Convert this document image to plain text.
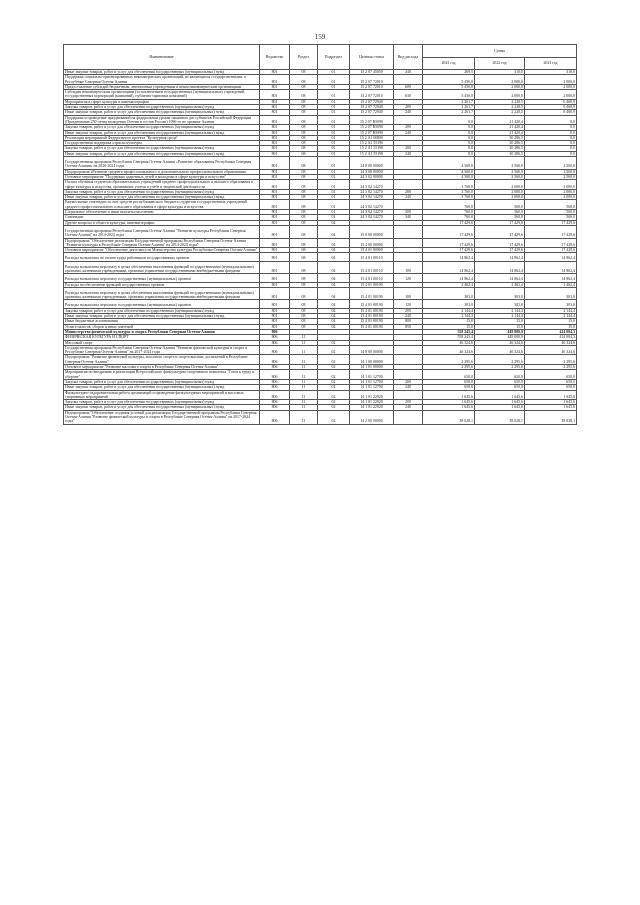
159
Наименование	Ведомство	Раздел	Подраздел	Целевая статья	Вид расхода	Сумма		
						2023 год	2022 год	2023 год
Иные закупки товаров, работ и услуг для обеспечения государственных (муниципальных) нужд	801	08	01	15 2 07 45050	240	269,5	310,0	310,0
Поддержка социально-ориентированных некоммерческих организаций, не являющихся государственными, в Республике Северная Осетия-Алания	801	08	01	15 2 07 72010		5 450,0	2 000,0	2 000,0
Предоставление субсидий бюджетным, автономным учреждениям и иным некоммерческим организациям	801	08	01	15 2 07 72010	600	5 450,0	2 000,0	2 000,0
Субсидии некоммерческим организациям (за исключением государственных (муниципальных) учреждений, государственных корпораций (компаний), публично-правовых компаний)	801	08	01	15 2 07 72010	630	5 450,0	2 000,0	2 000,0
Мероприятия в сфере культуры и кинематографии	801	08	01	15 2 07 72940		2 261,7	2 228,5	6 468,9
Закупка товаров, работ и услуг для обеспечения государственных (муниципальных) нужд	801	08	01	15 2 07 72940	200	2 261,7	2 228,5	6 468,9
Иные закупки товаров, работ и услуг для обеспечения государственных (муниципальных) нужд	801	08	01	15 2 07 72940	240	2 261,7	2 228,5	6 468,9
Поддержка и проведение празднований на федеральном уровне памятных дат субъектов Российской Федерации (Празднование 250-летия вхождения Осетии в состав России) 1996-го по хронике Алании	801	08	01	15 2 07 R5090		0,0	21 420,4	0,0
Закупка товаров, работ и услуг для обеспечения государственных (муниципальных) нужд	801	08	01	15 2 07 R5090	200	0,0	21 420,4	0,0
Иные закупки товаров, работ и услуг для обеспечения государственных (муниципальных) нужд	801	08	01	15 2 07 R5090	240	0,0	21 420,4	0,0
Реализация мероприятий Федерального проекта "Культурная среда"	801	08	01	15 2 А1 00000		0,0	30 286,5	0,0
Государственная поддержка отрасли культуры	801	08	01	15 2 А1 55190		0,0	30 286,5	0,0
Закупка товаров, работ и услуг для обеспечения государственных (муниципальных) нужд	801	08	01	15 2 А1 55190	200	0,0	30 286,5	0,0
Иные закупки товаров, работ и услуг для обеспечения государственных (муниципальных) нужд	801	08	01	15 2 А1 55190	240	0,0	30 286,5	0,0
Государственная программа Республики Северная Осетия-Алания «Развитие образования Республики Северная Осетия-Алания» на 2020-2024 годы	801	08	01	24 0 00 00000		4 560,0	2 560,0	2 560,0
Подпрограмма «Развитие среднего профессионального и дополнительного профессионального образования»	801	08	01	24 3 00 00000		4 560,0	2 560,0	2 560,0
Основное мероприятие "Поддержка одаренных детей и молодежи в сфере культуры и искусства"	801	08	01	24 3 02 00000		4 560,0	2 560,0	2 560,0
Оплата обучения студентов образовательных учреждений среднего профессионального и высшего образования в сфере культуры и искусства, проявивших успехи в учебе и творческой деятельности	801	08	01	24 3 02 14270		3 760,0	2 000,0	2 000,0
Закупка товаров, работ и услуг для обеспечения государственных (муниципальных) нужд	801	08	01	24 3 02 14270	200	3 760,0	2 000,0	2 000,0
Иные закупки товаров, работ и услуг для обеспечения государственных (муниципальных) нужд	801	08	01	24 3 02 14270	240	3 760,0	2 000,0	2 000,0
Ежемесячные стипендии за счет средств республиканского бюджета студентам государственных учреждений среднего профессионального и высшего образования в сфере культуры и искусства	801	08	01	24 3 02 14270		760,0	560,0	560,0
Социальное обеспечение и иные выплаты населению	801	08	01	24 3 02 14270	300	760,0	560,0	560,0
Стипендии	801	08	01	24 3 02 14270	340	760,0	560,0	560,0
Другие вопросы в области культуры, кинематографии	801	08	04			17 429,6	17 429,6	17 429,6
Государственная программа Республики Северная Осетия-Алания "Развитие культуры Республики Северная Осетия-Алания" на 2014-2024 годы	801	08	04	15 0 00 00000		17 429,6	17 429,6	17 429,6
Подпрограмма "Обеспечение реализации Государственной программы Республики Северная Осетия-Алания "Развитие культуры в Республике Северная Осетия-Алания" на 2014-2024 годы"	801	08	04	15 4 00 00000		17 429,6	17 429,6	17 429,6
Основное мероприятие "Обеспечение деятельности Министерства культуры Республики Северная Осетия-Алания"	801	08	04	15 4 01 00000		17 429,6	17 429,6	17 429,6
Расходы на выплаты по оплате труда работников государственных органов	801	08	04	15 4 01 00110		14 862,4	14 862,4	14 862,4
Расходы на выплаты персоналу в целях обеспечения выполнения функций государственными (муниципальными) органами, казенными учреждениями, органами управления государственными внебюджетными фондами	801	08	04	15 4 01 00110	100	14 862,4	14 862,4	14 862,4
Расходы на выплаты персоналу государственных (муниципальных) органов	801	08	04	15 4 01 00110	120	14 862,4	14 862,4	14 862,4
Расходы на обеспечение функций государственных органов	801	08	04	15 4 01 00190		2 462,4	2 462,4	2 462,4
Расходы на выплаты персоналу в целях обеспечения выполнения функций государственными (муниципальными) органами, казенными учреждениями, органами управления государственными внебюджетными фондами	801	08	04	15 4 01 00190	100	303,0	303,0	303,0
Расходы на выплаты персоналу государственных (муниципальных) органов	801	08	04	15 4 01 00190	120	303,0	303,0	303,0
Закупка товаров, работ и услуг для обеспечения государственных (муниципальных) нужд	801	08	04	15 4 01 00190	200	2 144,4	2 144,4	2 144,4
Иные закупки товаров, работ и услуг для обеспечения государственных (муниципальных) нужд	801	08	04	15 4 01 00190	240	2 144,4	2 144,4	2 144,4
Иные бюджетные ассигнования	801	08	04	15 4 01 00190	800	15,0	15,0	15,0
Уплата налогов, сборов и иных платежей	801	08	04	15 4 01 00190	850	15,0	15,0	15,0
Министерство физической культуры и спорта Республики Северная Осетия-Алания	806					558 243,4	449 000,9	414 004,3
ФИЗИЧЕСКАЯ КУЛЬТУРА И СПОРТ	806	11				558 243,4	449 000,9	414 004,3
Массовый спорт	806	11	02			46 324,6	46 324,6	46 324,6
Государственная программа Республики Северная Осетия-Алания "Развитие физической культуры и спорта в Республике Северная Осетия-Алания" на 2017-2024 годы	806	11	02	14 0 00 00000		46 324,6	46 324,6	46 324,6
Подпрограмма "Развитие физической культуры, массового спорта и спорта высших достижений в Республике Северная Осетия-Алания"	806	11	02	14 1 00 00000		2 295,6	2 295,6	2 295,6
Основное мероприятие "Развитие массового спорта в Республике Северная Осетия-Алания"	806	11	02	14 1 01 00000		2 295,6	2 295,6	2 295,6
Мероприятия по внедрению и реализации Всероссийского физкультурно-спортивного комплекса "Готов к труду и обороне"	806	11	02	14 1 01 12700		650,0	650,0	650,0
Закупка товаров, работ и услуг для обеспечения государственных (муниципальных) нужд	806	11	02	14 1 01 12700	200	650,0	650,0	650,0
Иные закупки товаров, работ и услуг для обеспечения государственных (муниципальных) нужд	806	11	02	14 1 01 12700	240	650,0	650,0	650,0
Физкультурно-оздоровительная работа организаций и проведение физкультурных мероприятий и массовых спортивных мероприятий	806	11	02	14 1 01 22920		1 645,6	1 645,6	1 645,6
Закупка товаров, работ и услуг для обеспечения государственных (муниципальных) нужд	806	11	02	14 1 01 22920	200	1 645,6	1 645,6	1 645,6
Иные закупки товаров, работ и услуг для обеспечения государственных (муниципальных) нужд	806	11	02	14 1 01 22920	240	1 645,6	1 645,6	1 645,6
Подпрограмма "Обеспечение создания условий для реализации Государственной программы Республики Северная Осетия-Алания "Развитие физической культуры и спорта в Республике Северная Осетия-Алания" на 2017-2024 годы"	806	11	02	14 2 00 00000		38 028,1	38 028,1	38 028,1
